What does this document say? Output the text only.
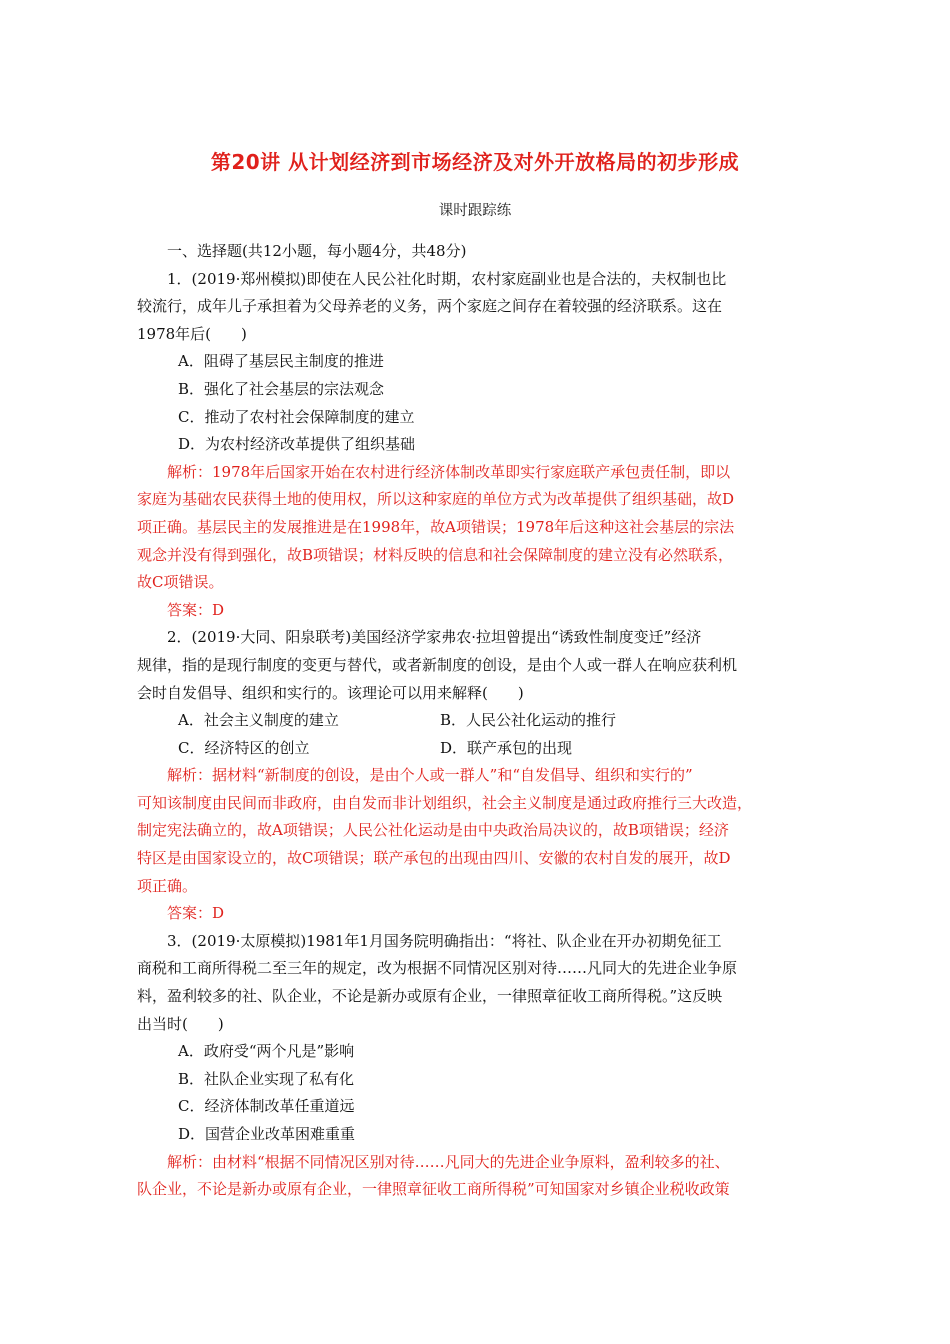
第20讲 从计划经济到市场经济及对外开放格局的初步形成
课时跟踪练

一、选择题(共12小题，每小题4分，共48分)

1．(2019·郑州模拟)即使在人民公社化时期，农村家庭副业也是合法的，夫权制也比

较流行，成年儿子承担着为父母养老的义务，两个家庭之间存在着较强的经济联系。这在

1978年后(　　)

A．阻碍了基层民主制度的推进

B．强化了社会基层的宗法观念

C．推动了农村社会保障制度的建立

D．为农村经济改革提供了组织基础

解析：1978年后国家开始在农村进行经济体制改革即实行家庭联产承包责任制，即以

家庭为基础农民获得土地的使用权，所以这种家庭的单位方式为改革提供了组织基础，故D

项正确。基层民主的发展推进是在1998年，故A项错误；1978年后这种这社会基层的宗法

观念并没有得到强化，故B项错误；材料反映的信息和社会保障制度的建立没有必然联系，

故C项错误。

答案：D

2．(2019·大同、阳泉联考)美国经济学家弗农·拉坦曾提出“诱致性制度变迁”经济

规律，指的是现行制度的变更与替代，或者新制度的创设，是由个人或一群人在响应获利机

会时自发倡导、组织和实行的。该理论可以用来解释(　　)

A．社会主义制度的建立	B．人民公社化运动的推行
C．经济特区的创立	D．联产承包的出现

解析：据材料“新制度的创设，是由个人或一群人”和“自发倡导、组织和实行的”

可知该制度由民间而非政府，由自发而非计划组织，社会主义制度是通过政府推行三大改造，

制定宪法确立的，故A项错误；人民公社化运动是由中央政治局决议的，故B项错误；经济

特区是由国家设立的，故C项错误；联产承包的出现由四川、安徽的农村自发的展开，故D

项正确。

答案：D

3．(2019·太原模拟)1981年1月国务院明确指出：“将社、队企业在开办初期免征工

商税和工商所得税二至三年的规定，改为根据不同情况区别对待……凡同大的先进企业争原

料，盈利较多的社、队企业，不论是新办或原有企业，一律照章征收工商所得税。”这反映

出当时(　　)

A．政府受“两个凡是”影响

B．社队企业实现了私有化

C．经济体制改革任重道远

D．国营企业改革困难重重

解析：由材料“根据不同情况区别对待……凡同大的先进企业争原料，盈利较多的社、

队企业，不论是新办或原有企业，一律照章征收工商所得税”可知国家对乡镇企业税收政策
